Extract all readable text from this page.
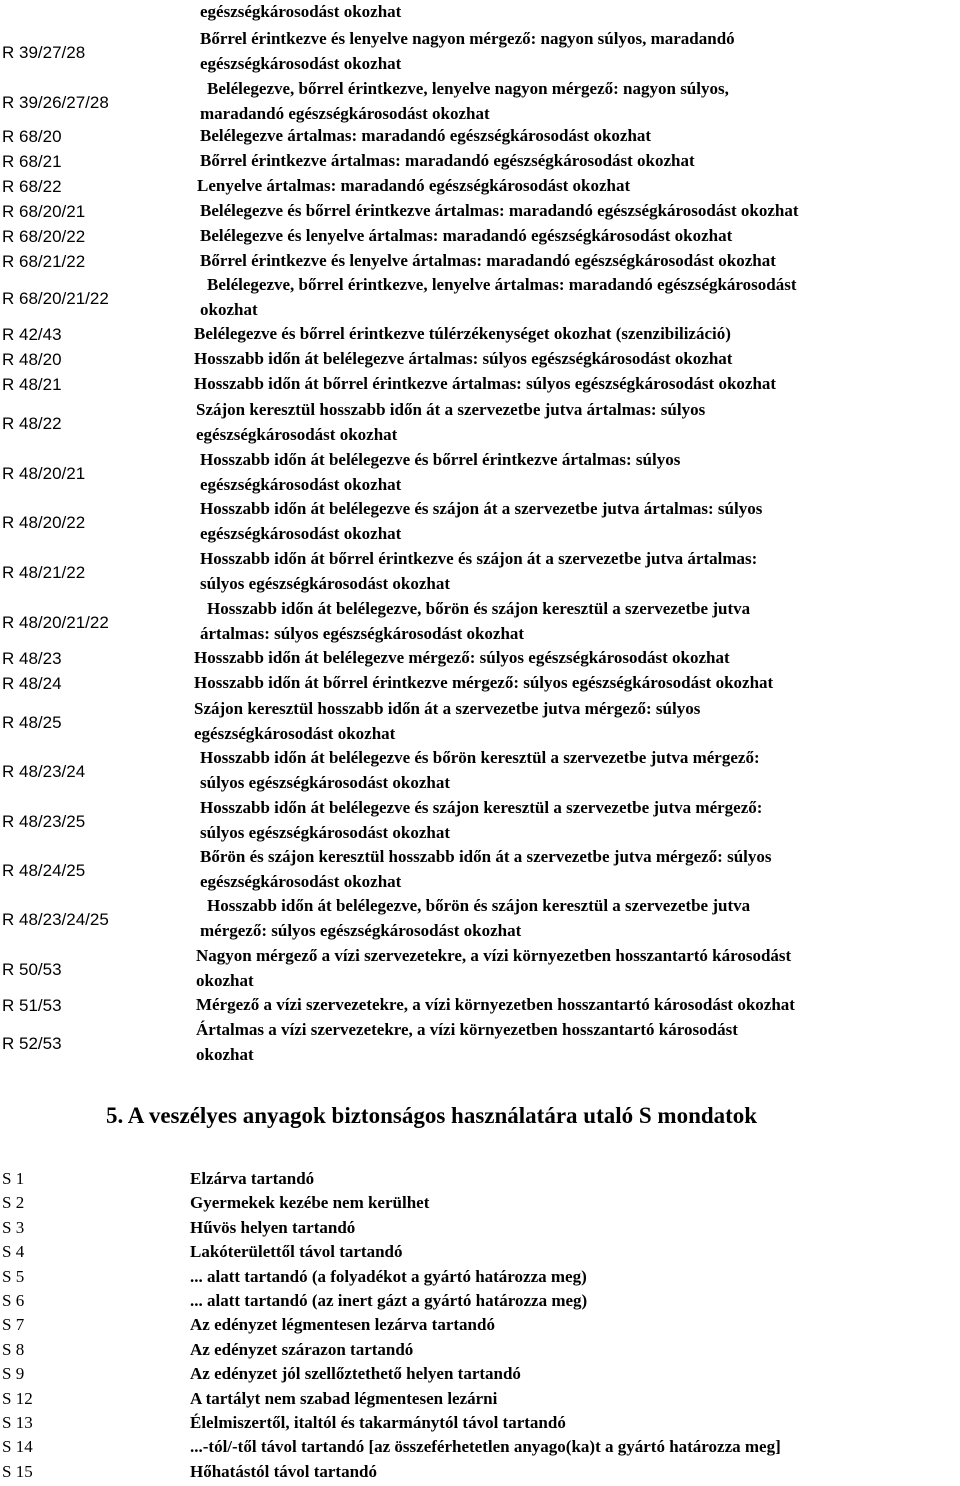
egészségkárosodást okozhat
R 39/27/28
Bőrrel érintkezve és lenyelve nagyon mérgező: nagyon súlyos, maradandó
egészségkárosodást okozhat
R 39/26/27/28
Belélegezve, bőrrel érintkezve, lenyelve nagyon mérgező: nagyon súlyos,
maradandó egészségkárosodást okozhat
R 68/20	Belélegezve ártalmas: maradandó egészségkárosodást okozhat
R 68/21	Bőrrel érintkezve ártalmas: maradandó egészségkárosodást okozhat
R 68/22	Lenyelve ártalmas: maradandó egészségkárosodást okozhat
R 68/20/21	Belélegezve és bőrrel érintkezve ártalmas: maradandó egészségkárosodást okozhat
R 68/20/22	Belélegezve és lenyelve ártalmas: maradandó egészségkárosodást okozhat
R 68/21/22	Bőrrel érintkezve és lenyelve ártalmas: maradandó egészségkárosodást okozhat
R 68/20/21/22
Belélegezve, bőrrel érintkezve, lenyelve ártalmas: maradandó egészségkárosodást
okozhat
R 42/43	Belélegezve és bőrrel érintkezve túlérzékenységet okozhat (szenzibilizáció)
R 48/20	Hosszabb időn át belélegezve ártalmas: súlyos egészségkárosodást okozhat
R 48/21	Hosszabb időn át bőrrel érintkezve ártalmas: súlyos egészségkárosodást okozhat
R 48/22
Szájon keresztül hosszabb időn át a szervezetbe jutva ártalmas: súlyos
egészségkárosodást okozhat
R 48/20/21
Hosszabb időn át belélegezve és bőrrel érintkezve ártalmas: súlyos
egészségkárosodást okozhat
R 48/20/22
Hosszabb időn át belélegezve és szájon át a szervezetbe jutva ártalmas: súlyos
egészségkárosodást okozhat
R 48/21/22
Hosszabb időn át bőrrel érintkezve és szájon át a szervezetbe jutva ártalmas:
súlyos egészségkárosodást okozhat
R 48/20/21/22
Hosszabb időn át belélegezve, bőrön és szájon keresztül a szervezetbe jutva
ártalmas: súlyos egészségkárosodást okozhat
R 48/23	Hosszabb időn át belélegezve mérgező: súlyos egészségkárosodást okozhat
R 48/24	Hosszabb időn át bőrrel érintkezve mérgező: súlyos egészségkárosodást okozhat
R 48/25
Szájon keresztül hosszabb időn át a szervezetbe jutva mérgező: súlyos
egészségkárosodást okozhat
R 48/23/24
Hosszabb időn át belélegezve és bőrön keresztül a szervezetbe jutva mérgező:
súlyos egészségkárosodást okozhat
R 48/23/25
Hosszabb időn át belélegezve és szájon keresztül a szervezetbe jutva mérgező:
súlyos egészségkárosodást okozhat
R 48/24/25
Bőrön és szájon keresztül hosszabb időn át a szervezetbe jutva mérgező: súlyos
egészségkárosodást okozhat
R 48/23/24/25
Hosszabb időn át belélegezve, bőrön és szájon keresztül a szervezetbe jutva
mérgező: súlyos egészségkárosodást okozhat
R 50/53
Nagyon mérgező a vízi szervezetekre, a vízi környezetben hosszantartó károsodást
okozhat
R 51/53	Mérgező a vízi szervezetekre, a vízi környezetben hosszantartó károsodást okozhat
R 52/53
Ártalmas a vízi szervezetekre, a vízi környezetben hosszantartó károsodást
okozhat
5. A veszélyes anyagok biztonságos használatára utaló S mondatok
S 1	Elzárva tartandó
S 2	Gyermekek kezébe nem kerülhet
S 3	Hűvös helyen tartandó
S 4	Lakóterülettől távol tartandó
S 5	... alatt tartandó (a folyadékot a gyártó határozza meg)
S 6	... alatt tartandó (az inert gázt a gyártó határozza meg)
S 7	Az edényzet légmentesen lezárva tartandó
S 8	Az edényzet szárazon tartandó
S 9	Az edényzet jól szellőztethető helyen tartandó
S 12	A tartályt nem szabad légmentesen lezárni
S 13	Élelmiszertől, italtól és takarmánytól távol tartandó
S 14	...-tól/-től távol tartandó [az összeférhetetlen anyago(ka)t a gyártó határozza meg]
S 15	Hőhatástól távol tartandó
